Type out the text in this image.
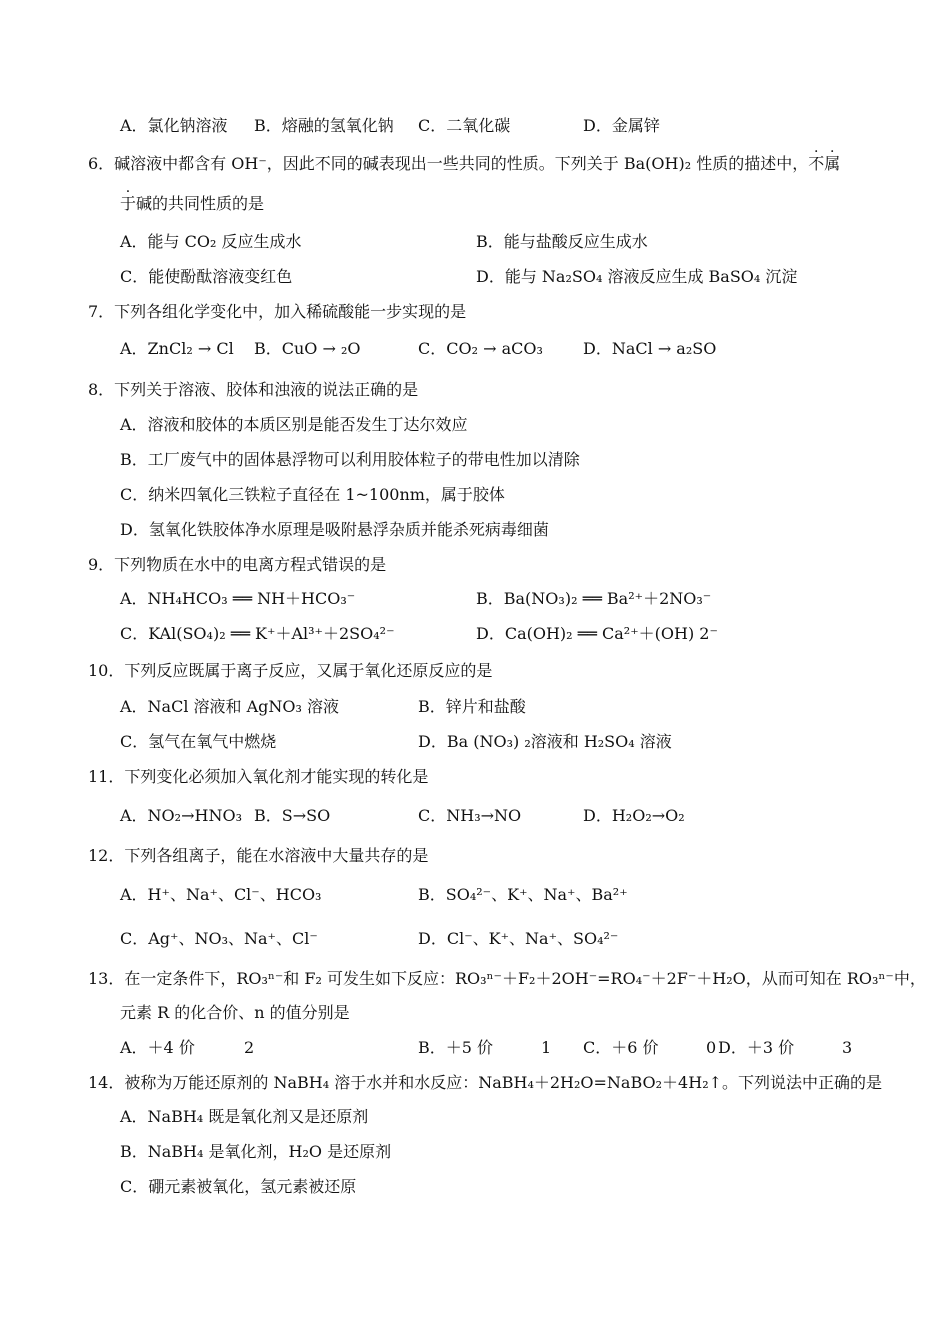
A．氯化钠溶液 B．熔融的氢氧化钠 C．二氧化碳	D．金属锌
6．碱溶液中都含有 OH⁻，因此不同的碱表现出一些共同的性质。下列关于 Ba(OH)₂ 性质的描述中，不属
于碱的共同性质的是
A．能与 CO₂ 反应生成水	B．能与盐酸反应生成水
C．能使酚酞溶液变红色	D．能与 Na₂SO₄ 溶液反应生成 BaSO₄ 沉淀
7．下列各组化学变化中，加入稀硫酸能一步实现的是
A．ZnCl₂ → Cl B．CuO → ₂O	C．CO₂ → aCO₃	D．NaCl → a₂SO
8．下列关于溶液、胶体和浊液的说法正确的是
A．溶液和胶体的本质区别是能否发生丁达尔效应
B．工厂废气中的固体悬浮物可以利用胶体粒子的带电性加以清除
C．纳米四氧化三铁粒子直径在 1~100nm，属于胶体
D．氢氧化铁胶体净水原理是吸附悬浮杂质并能杀死病毒细菌
9．下列物质在水中的电离方程式错误的是
A．NH₄HCO₃ ══ NH＋HCO₃⁻	B．Ba(NO₃)₂ ══ Ba²⁺＋2NO₃⁻
C．KAl(SO₄)₂ ══ K⁺＋Al³⁺＋2SO₄²⁻	D．Ca(OH)₂ ══ Ca²⁺＋(OH) 2⁻
10．下列反应既属于离子反应，又属于氧化还原反应的是
A．NaCl 溶液和 AgNO₃ 溶液	B．锌片和盐酸
C．氢气在氧气中燃烧	D．Ba (NO₃) ₂溶液和 H₂SO₄ 溶液
11．下列变化必须加入氧化剂才能实现的转化是
A．NO₂→HNO₃ B．S→SO	C．NH₃→NO	D．H₂O₂→O₂
12．下列各组离子，能在水溶液中大量共存的是
A．H⁺、Na⁺、Cl⁻、HCO₃	B．SO₄²⁻、K⁺、Na⁺、Ba²⁺
C．Ag⁺、NO₃、Na⁺、Cl⁻	D．Cl⁻、K⁺、Na⁺、SO₄²⁻
13．在一定条件下，RO₃ⁿ⁻和 F₂ 可发生如下反应：RO₃ⁿ⁻＋F₂＋2OH⁻=RO₄⁻＋2F⁻＋H₂O，从而可知在 RO₃ⁿ⁻中，
元素 R 的化合价、n 的值分别是
A．＋4 价	2	B．＋5 价	1 C．＋6 价	0 D．＋3 价	3
14．被称为万能还原剂的 NaBH₄ 溶于水并和水反应：NaBH₄＋2H₂O=NaBO₂＋4H₂↑。下列说法中正确的是
A．NaBH₄ 既是氧化剂又是还原剂
B．NaBH₄ 是氧化剂，H₂O 是还原剂
C．硼元素被氧化，氢元素被还原
